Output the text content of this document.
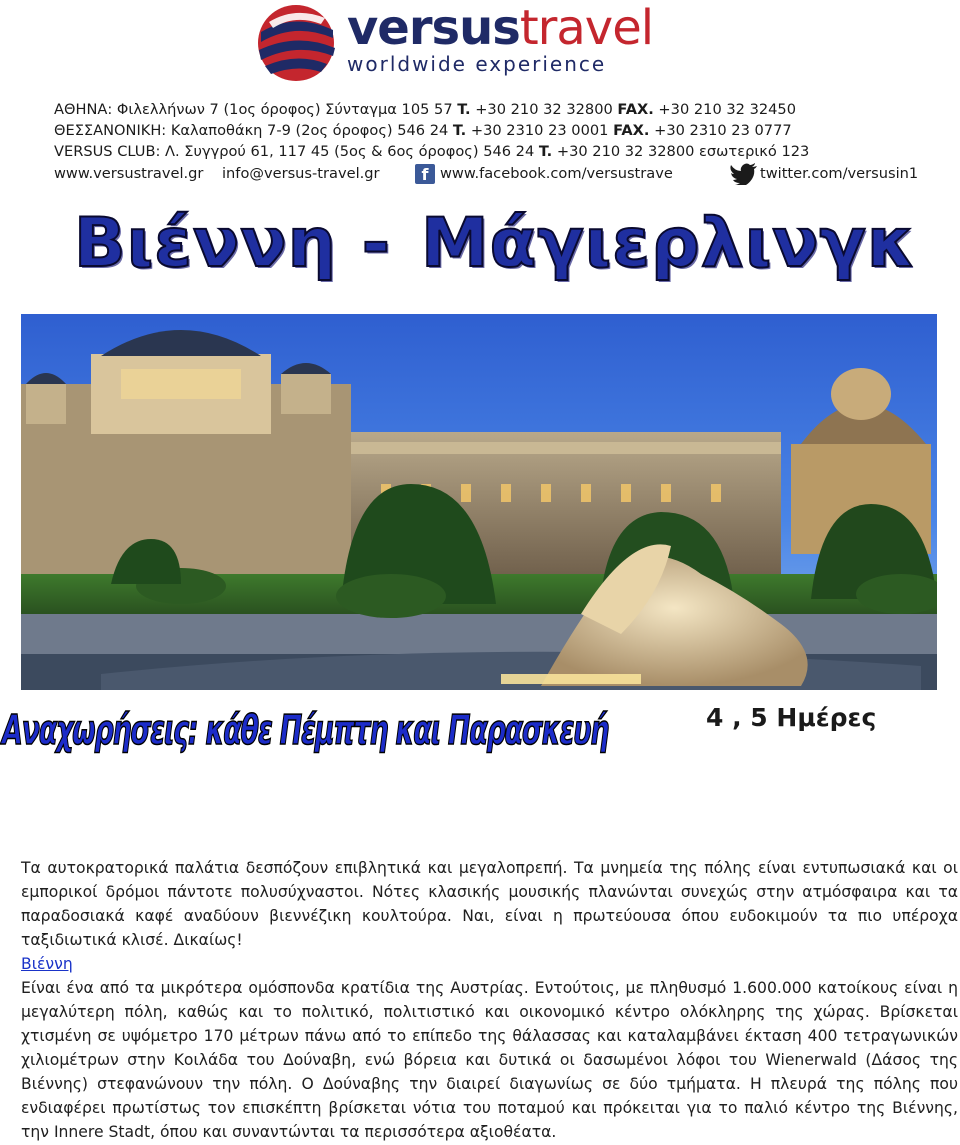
versustravel
worldwide experience
ΑΘΗΝΑ: Φιλελλήνων 7 (1ος όροφος) Σύνταγμα 105 57 T. +30 210 32 32800 FAX. +30 210 32 32450
ΘΕΣΣΑΝΟΝΙΚΗ: Καλαποθάκη 7-9 (2ος όροφος) 546 24 T. +30 2310 23 0001 FAX. +30 2310 23 0777
VERSUS CLUB: Λ. Συγγρού 61, 117 45 (5ος & 6ος όροφος) 546 24 T. +30 210 32 32800 εσωτερικό 123
www.versustravel.gr info@versus-travel.gr	f www.facebook.com/versustrave	twitter.com/versusin1
Βιέννη - Μάγιερλινγκ
Αναχωρήσεις: κάθε Πέμπτη και Παρασκευή	4 , 5 Ημέρες

Τα αυτοκρατορικά παλάτια δεσπόζουν επιβλητικά και μεγαλοπρεπή. Τα μνημεία της πόλης είναι εντυπωσιακά και οι εμπορικοί δρόμοι πάντοτε πολυσύχναστοι. Νότες κλασικής μουσικής πλανώνται συνεχώς στην ατμόσφαιρα και τα παραδοσιακά καφέ αναδύουν βιεννέζικη κουλτούρα. Ναι, είναι η πρωτεύουσα όπου ευδοκιμούν τα πιο υπέροχα ταξιδιωτικά κλισέ. Δικαίως!

Βιέννη

Είναι ένα από τα μικρότερα ομόσπονδα κρατίδια της Αυστρίας. Εντούτοις, με πληθυσμό 1.600.000 κατοίκους είναι η μεγαλύτερη πόλη, καθώς και το πολιτικό, πολιτιστικό και οικονομικό κέντρο ολόκληρης της χώρας. Βρίσκεται χτισμένη σε υψόμετρο 170 μέτρων πάνω από το επίπεδο της θάλασσας και καταλαμβάνει έκταση 400 τετραγωνικών χιλιομέτρων στην Κοιλάδα του Δούναβη, ενώ βόρεια και δυτικά οι δασωμένοι λόφοι του Wienerwald (Δάσος της Βιέννης) στεφανώνουν την πόλη. Ο Δούναβης την διαιρεί διαγωνίως σε δύο τμήματα. Η πλευρά της πόλης που ενδιαφέρει πρωτίστως τον επισκέπτη βρίσκεται νότια του ποταμού και πρόκειται για το παλιό κέντρο της Βιέννης, την Innere Stadt, όπου και συναντώνται τα περισσότερα αξιοθέατα.
